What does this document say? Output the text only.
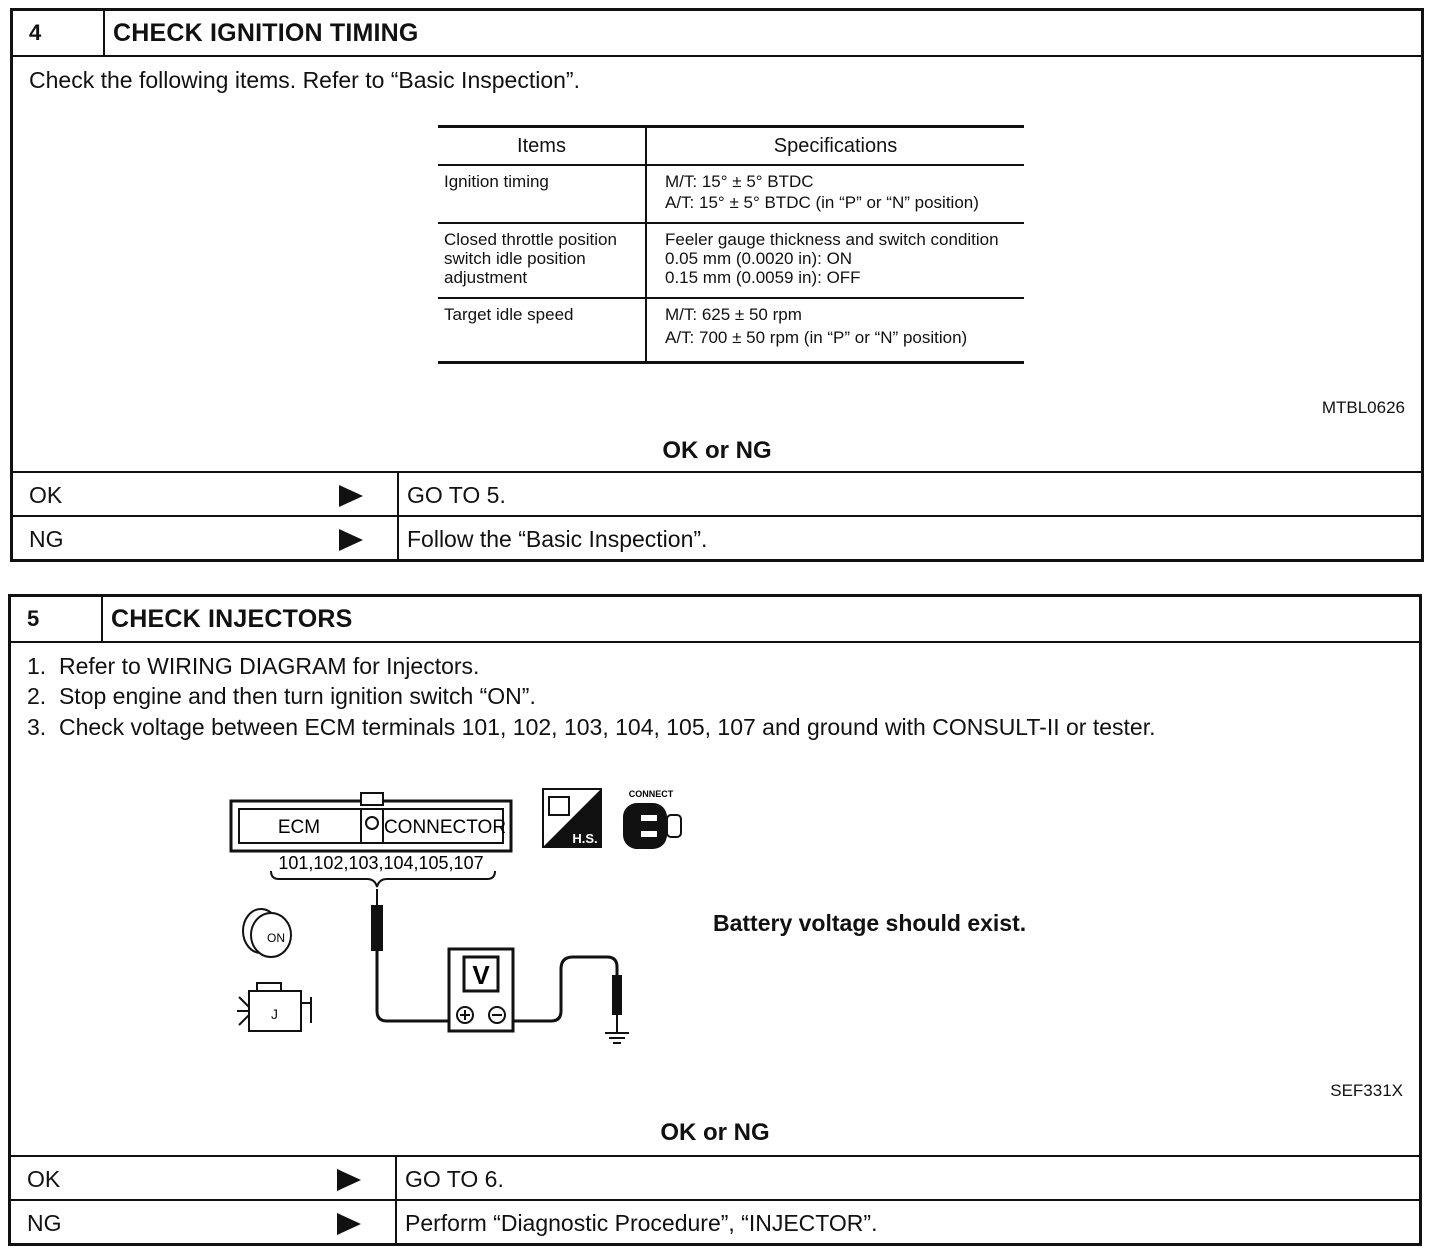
4	CHECK IGNITION TIMING
Check the following items. Refer to “Basic Inspection”.
Items	Specifications
Ignition timing	M/T: 15° ± 5° BTDC
A/T: 15° ± 5° BTDC (in “P” or “N” position)

Closed throttle position switch idle position adjustment	Feeler gauge thickness and switch condition
0.05 mm (0.0020 in): ON
0.15 mm (0.0059 in): OFF

Target idle speed	M/T: 625 ± 50 rpm
A/T: 700 ± 50 rpm (in “P” or “N” position)
MTBL0626
OK or NG
OK	GO TO 5.
NG	Follow the “Basic Inspection”.
5	CHECK INJECTORS
1.  Refer to WIRING DIAGRAM for Injectors.
2.  Stop engine and then turn ignition switch “ON”.
3.  Check voltage between ECM terminals 101, 102, 103, 104, 105, 107 and ground with CONSULT-II or tester.
ECM	CONNECTOR
101,102,103,104,105,107
V
ON
J
H.S.
CONNECT
Battery voltage should exist.
SEF331X
OK or NG
OK	GO TO 6.
NG	Perform “Diagnostic Procedure”, “INJECTOR”.
